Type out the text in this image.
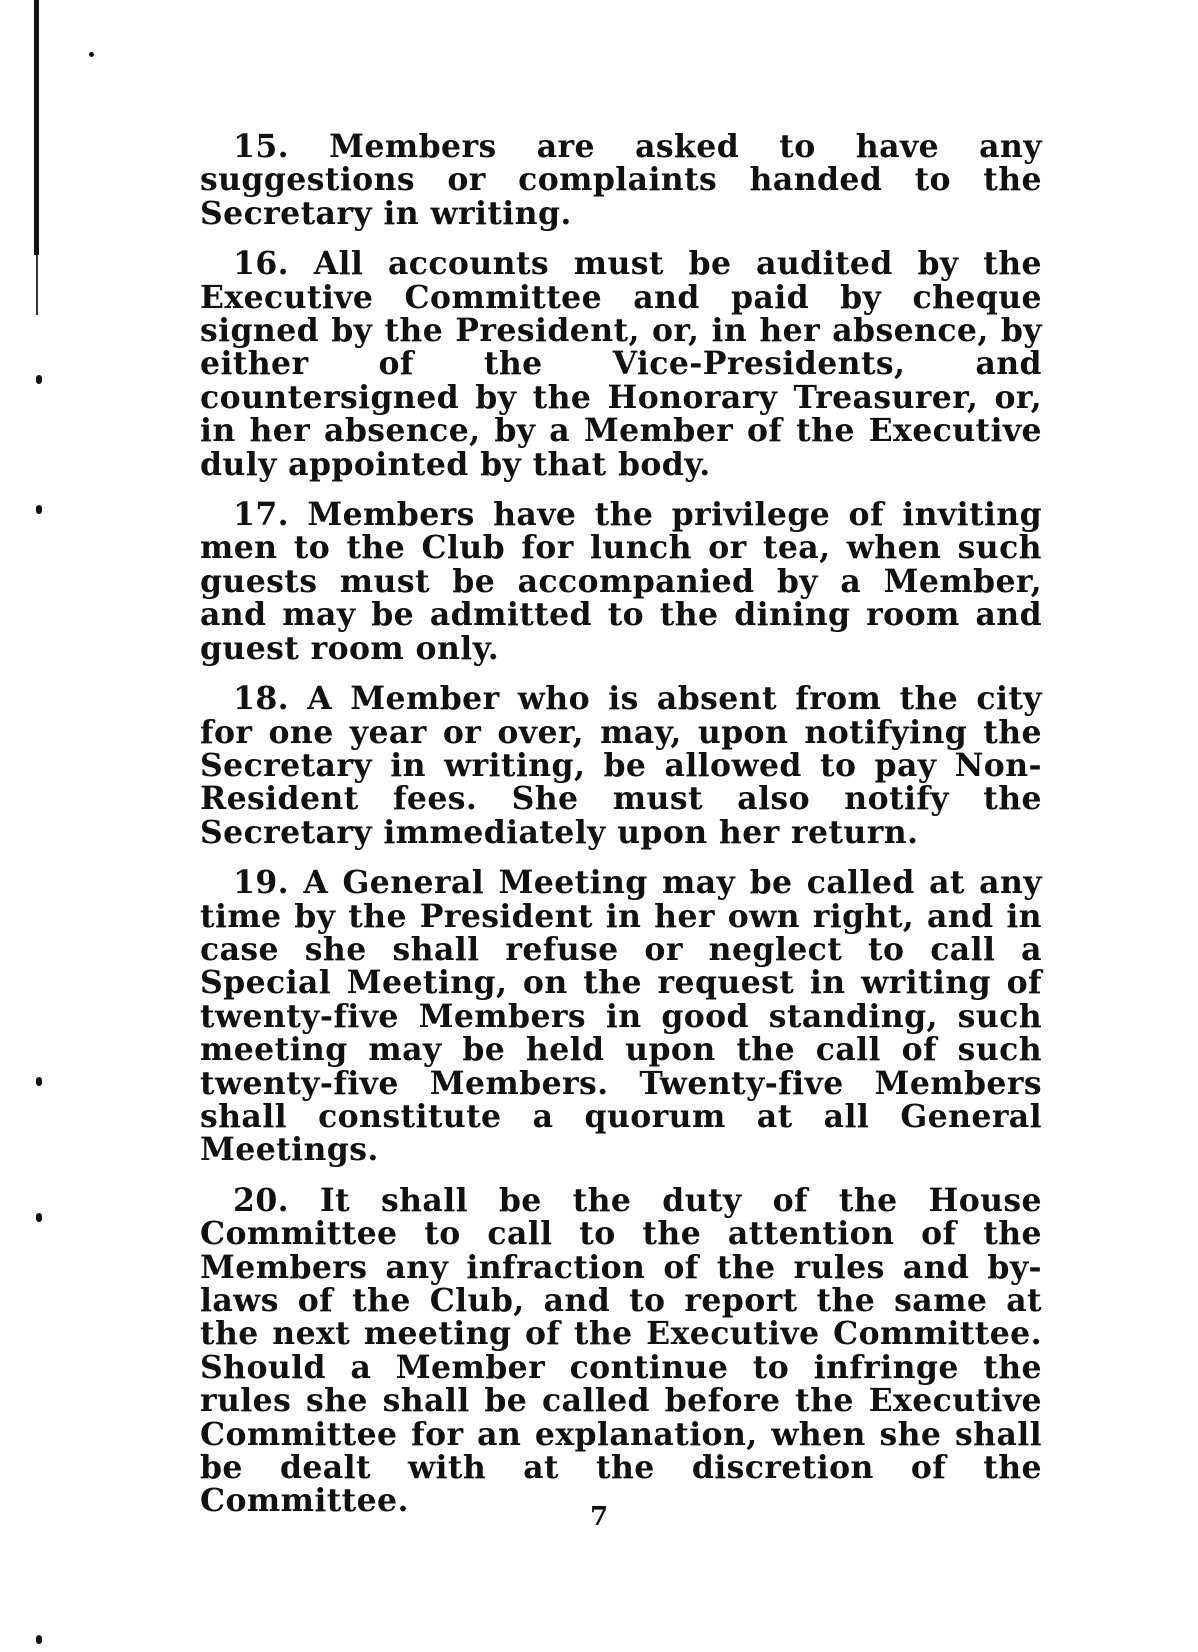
15. Members are asked to have any suggestions or complaints handed to the Secretary in writing.

16. All accounts must be audited by the Executive Committee and paid by cheque signed by the President, or, in her absence, by either of the Vice-Presidents, and countersigned by the Honorary Treasurer, or, in her absence, by a Member of the Executive duly appointed by that body.

17. Members have the privilege of inviting men to the Club for lunch or tea, when such guests must be accompanied by a Member, and may be admitted to the dining room and guest room only.

18. A Member who is absent from the city for one year or over, may, upon notifying the Secretary in writing, be allowed to pay Non-Resident fees. She must also notify the Secretary immediately upon her return.

19. A General Meeting may be called at any time by the President in her own right, and in case she shall refuse or neglect to call a Special Meeting, on the request in writing of twenty-five Members in good standing, such meeting may be held upon the call of such twenty-five Members. Twenty-five Members shall constitute a quorum at all General Meetings.

20. It shall be the duty of the House Committee to call to the attention of the Members any infraction of the rules and by-laws of the Club, and to report the same at the next meeting of the Executive Committee. Should a Member continue to infringe the rules she shall be called before the Executive Committee for an explanation, when she shall be dealt with at the discretion of the Committee.	7
